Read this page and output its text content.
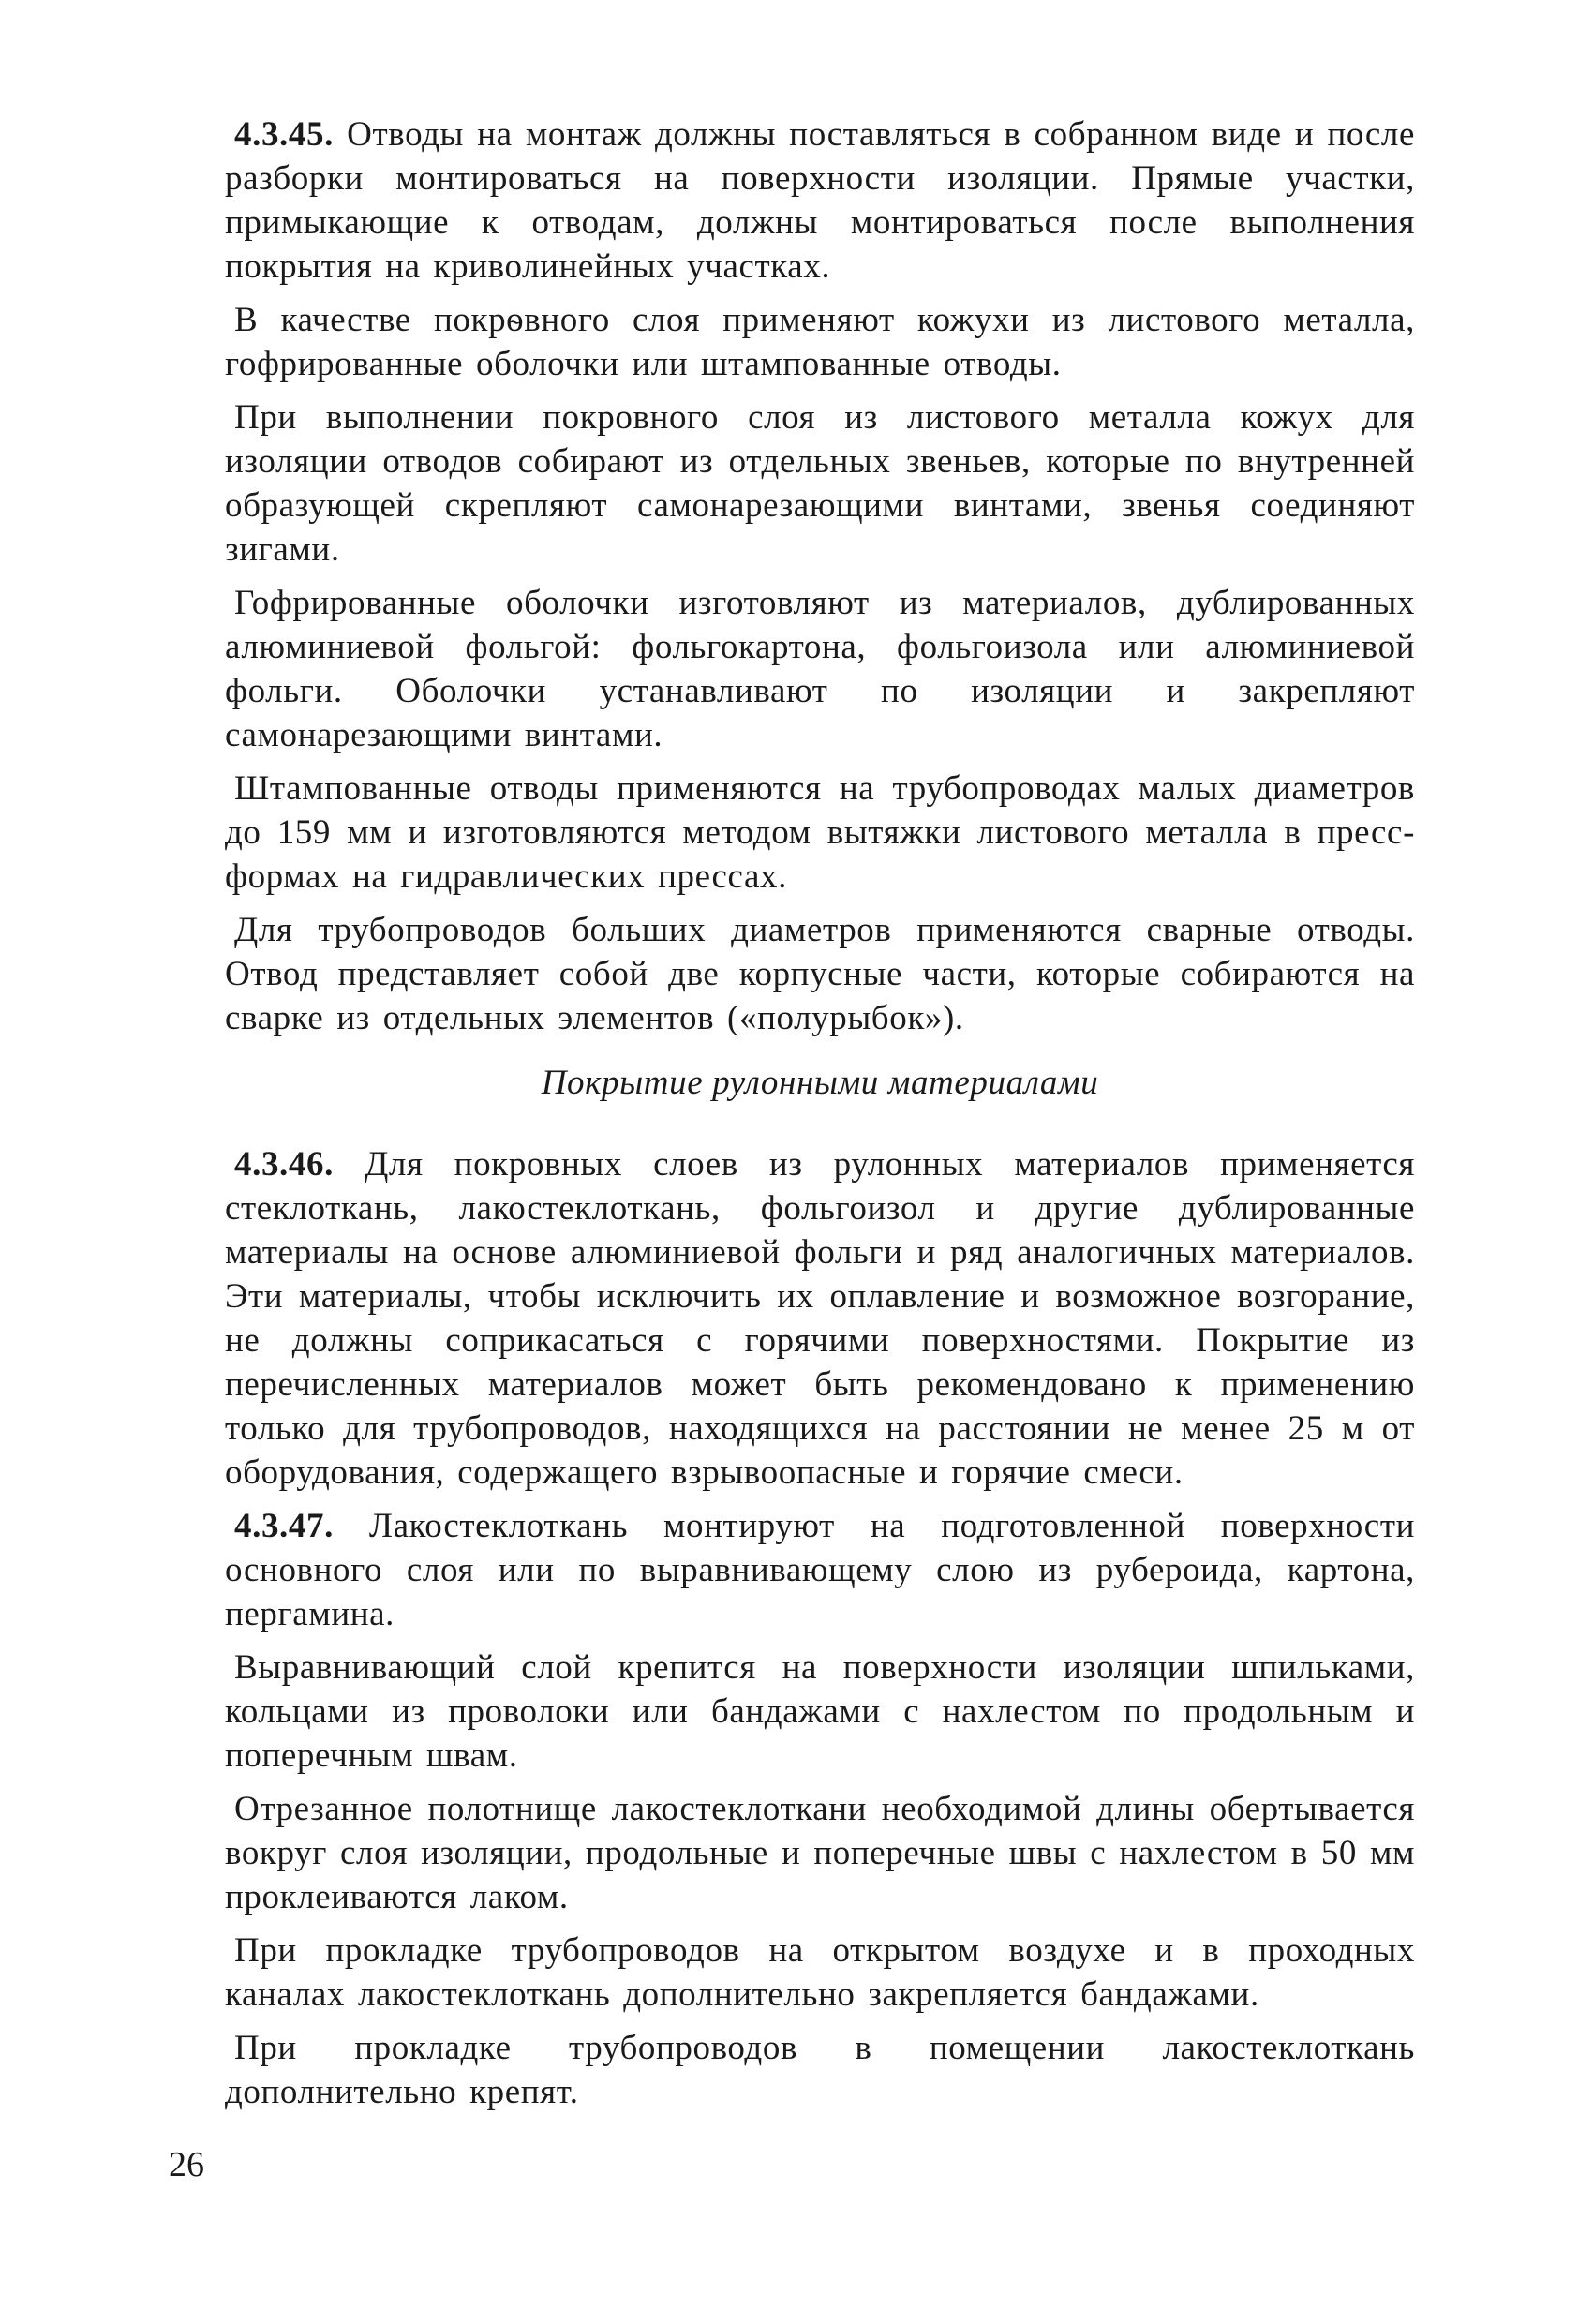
4.3.45. Отводы на монтаж должны поставляться в собранном виде и после разборки монтироваться на поверхности изоляции. Прямые участки, примыкающие к отводам, должны монтироваться после выполнения покрытия на криволинейных участках.

В качестве покрѳвного слоя применяют кожухи из листового металла, гофрированные оболочки или штампованные отводы.

При выполнении покровного слоя из листового металла кожух для изоляции отводов собирают из отдельных звеньев, которые по внутренней образующей скрепляют самонарезающими винтами, звенья соединяют зигами.

Гофрированные оболочки изготовляют из материалов, дублированных алюминиевой фольгой: фольгокартона, фольгоизола или алюминиевой фольги. Оболочки устанавливают по изоляции и закрепляют самонарезающими винтами.

Штампованные отводы применяются на трубопроводах малых диаметров до 159 мм и изготовляются методом вытяжки листового металла в пресс-формах на гидравлических прессах.

Для трубопроводов больших диаметров применяются сварные отводы. Отвод представляет собой две корпусные части, которые собираются на сварке из отдельных элементов («полурыбок»).

Покрытие рулонными материалами

4.3.46. Для покровных слоев из рулонных материалов применяется стеклоткань, лакостеклоткань, фольгоизол и другие дублированные материалы на основе алюминиевой фольги и ряд аналогичных материалов. Эти материалы, чтобы исключить их оплавление и возможное возгорание, не должны соприкасаться с горячими поверхностями. Покрытие из перечисленных материалов может быть рекомендовано к применению только для трубопроводов, находящихся на расстоянии не менее 25 м от оборудования, содержащего взрывоопасные и горячие смеси.

4.3.47. Лакостеклоткань монтируют на подготовленной поверхности основного слоя или по выравнивающему слою из рубероида, картона, пергамина.

Выравнивающий слой крепится на поверхности изоляции шпильками, кольцами из проволоки или бандажами с нахлестом по продольным и поперечным швам.

Отрезанное полотнище лакостеклоткани необходимой длины обертывается вокруг слоя изоляции, продольные и поперечные швы с нахлестом в 50 мм проклеиваются лаком.

При прокладке трубопроводов на открытом воздухе и в проходных каналах лакостеклоткань дополнительно закрепляется бандажами.

При прокладке трубопроводов в помещении лакостеклоткань дополнительно крепят.

26
